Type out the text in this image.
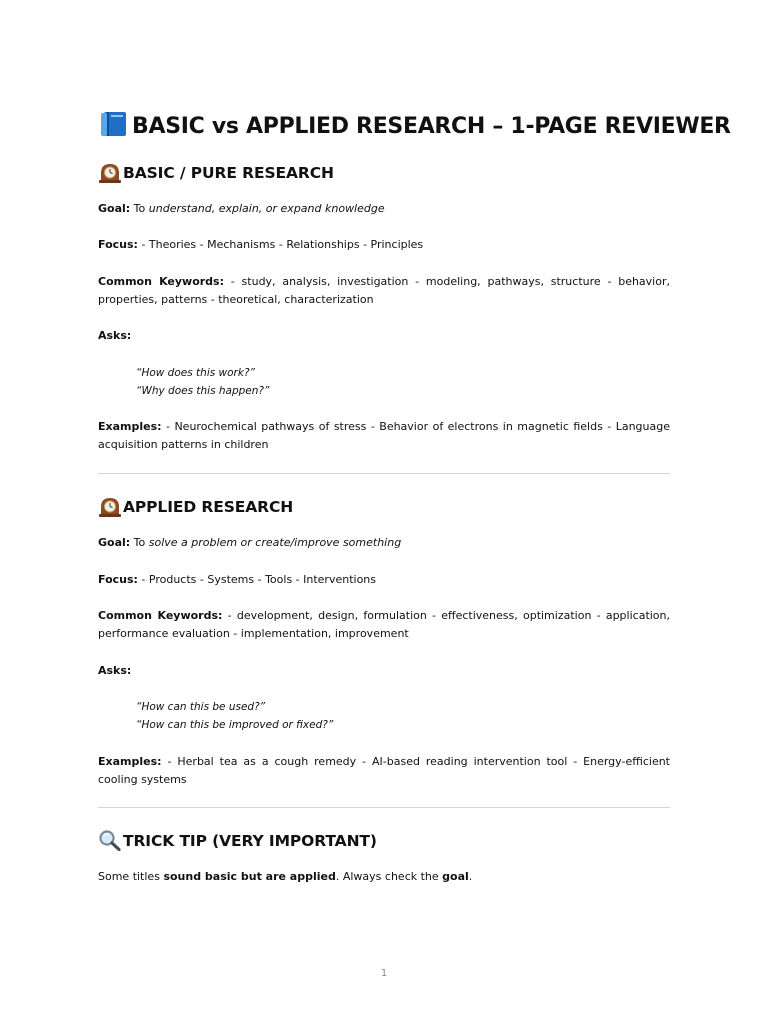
BASIC vs APPLIED RESEARCH – 1-PAGE REVIEWER
BASIC / PURE RESEARCH
Goal: To understand, explain, or expand knowledge
Focus: - Theories - Mechanisms - Relationships - Principles
Common Keywords: - study, analysis, investigation - modeling, pathways, structure - behavior, properties, patterns - theoretical, characterization
Asks:
“How does this work?”
“Why does this happen?”
Examples: - Neurochemical pathways of stress - Behavior of electrons in magnetic fields - Language acquisition patterns in children
APPLIED RESEARCH
Goal: To solve a problem or create/improve something
Focus: - Products - Systems - Tools - Interventions
Common Keywords: - development, design, formulation - effectiveness, optimization - application, performance evaluation - implementation, improvement
Asks:
“How can this be used?”
“How can this be improved or fixed?”
Examples: - Herbal tea as a cough remedy - AI-based reading intervention tool - Energy-efficient cooling systems
TRICK TIP (VERY IMPORTANT)
Some titles sound basic but are applied. Always check the goal.
1
